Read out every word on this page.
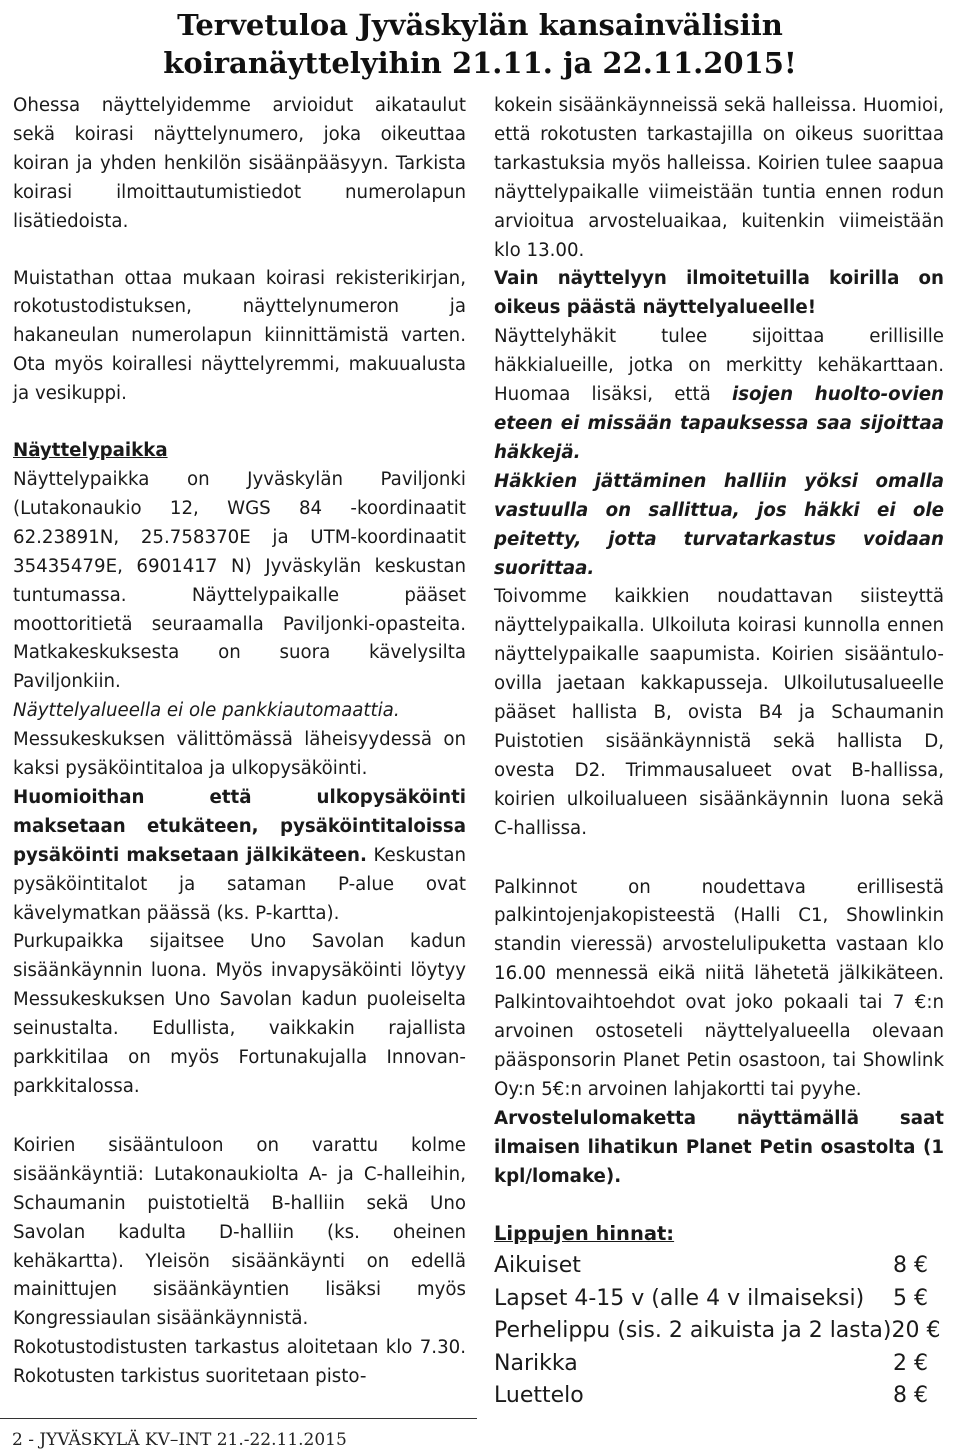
Tervetuloa Jyväskylän kansainvälisiin
koiranäyttelyihin 21.11. ja 22.11.2015!

Ohessa näyttelyidemme arvioidut aikataulut sekä koirasi näyttelynumero, joka oikeuttaa koiran ja yhden henkilön sisäänpääsyyn. Tarkista koirasi ilmoittautumistiedot numerolapun lisätiedoista.

Muistathan ottaa mukaan koirasi rekisterikirjan, rokotustodistuksen, näyttelynumeron ja hakaneulan numerolapun kiinnittämistä varten. Ota myös koirallesi näyttelyremmi, makuualusta ja vesikuppi.

Näyttelypaikka

Näyttelypaikka on Jyväskylän Paviljonki (Lutakonaukio 12, WGS 84 -koordinaatit 62.23891N, 25.758370E ja UTM-koordinaatit 35435479E, 6901417 N) Jyväskylän keskustan tuntumassa. Näyttelypaikalle pääset moottoritietä seuraamalla Paviljonki-opasteita. Matkakeskuksesta on suora kävelysilta Paviljonkiin.

Näyttelyalueella ei ole pankkiautomaattia.

Messukeskuksen välittömässä läheisyydessä on kaksi pysäköintitaloa ja ulkopysäköinti.

Huomioithan että ulkopysäköinti maksetaan etukäteen, pysäköintitaloissa pysäköinti maksetaan jälkikäteen. Keskustan pysäköintitalot ja sataman P-alue ovat kävelymatkan päässä (ks. P-kartta).

Purkupaikka sijaitsee Uno Savolan kadun sisäänkäynnin luona. Myös invapysäköinti löytyy Messukeskuksen Uno Savolan kadun puoleiselta seinustalta. Edullista, vaikkakin rajallista parkkitilaa on myös Fortunakujalla Innovan-parkkitalossa.

Koirien sisääntuloon on varattu kolme sisäänkäyntiä: Lutakonaukiolta A- ja C-halleihin, Schaumanin puistotieltä B-halliin sekä Uno Savolan kadulta D-halliin (ks. oheinen kehäkartta). Yleisön sisäänkäynti on edellä mainittujen sisäänkäyntien lisäksi myös Kongressiaulan sisäänkäynnistä.

Rokotustodistusten tarkastus aloitetaan klo 7.30. Rokotusten tarkistus suoritetaan pisto-

kokein sisäänkäynneissä sekä halleissa. Huomioi, että rokotusten tarkastajilla on oikeus suorittaa tarkastuksia myös halleissa. Koirien tulee saapua näyttelypaikalle viimeistään tuntia ennen rodun arvioitua arvosteluaikaa, kuitenkin viimeistään klo 13.00.

Vain näyttelyyn ilmoitetuilla koirilla on oikeus päästä näyttelyalueelle!

Näyttelyhäkit tulee sijoittaa erillisille häkkialueille, jotka on merkitty kehäkarttaan. Huomaa lisäksi, että isojen huolto-ovien eteen ei missään tapauksessa saa sijoittaa häkkejä.

Häkkien jättäminen halliin yöksi omalla vastuulla on sallittua, jos häkki ei ole peitetty, jotta turvatarkastus voidaan suorittaa.

Toivomme kaikkien noudattavan siisteyttä näyttelypaikalla. Ulkoiluta koirasi kunnolla ennen näyttelypaikalle saapumista. Koirien sisääntulo-ovilla jaetaan kakkapusseja. Ulkoilutusalueelle pääset hallista B, ovista B4 ja Schaumanin Puistotien sisäänkäynnistä sekä hallista D, ovesta D2. Trimmausalueet ovat B-hallissa, koirien ulkoilualueen sisäänkäynnin luona sekä C-hallissa.

Palkinnot on noudettava erillisestä palkintojenjakopisteestä (Halli C1, Showlinkin standin vieressä) arvostelulipuketta vastaan klo 16.00 mennessä eikä niitä lähetetä jälkikäteen. Palkintovaihtoehdot ovat joko pokaali tai 7 €:n arvoinen ostoseteli näyttelyalueella olevaan pääsponsorin Planet Petin osastoon, tai Showlink Oy:n 5€:n arvoinen lahjakortti tai pyyhe.

Arvostelulomaketta näyttämällä saat ilmaisen lihatikun Planet Petin osastolta (1 kpl/lomake).

Lippujen hinnat:
Aikuiset	8 €
Lapset 4-15 v (alle 4 v ilmaiseksi)	5 €
Perhelippu (sis. 2 aikuista ja 2 lasta) 20 €
Narikka	2 €
Luettelo	8 €
2 - JYVÄSKYLÄ KV–INT 21.-22.11.2015
